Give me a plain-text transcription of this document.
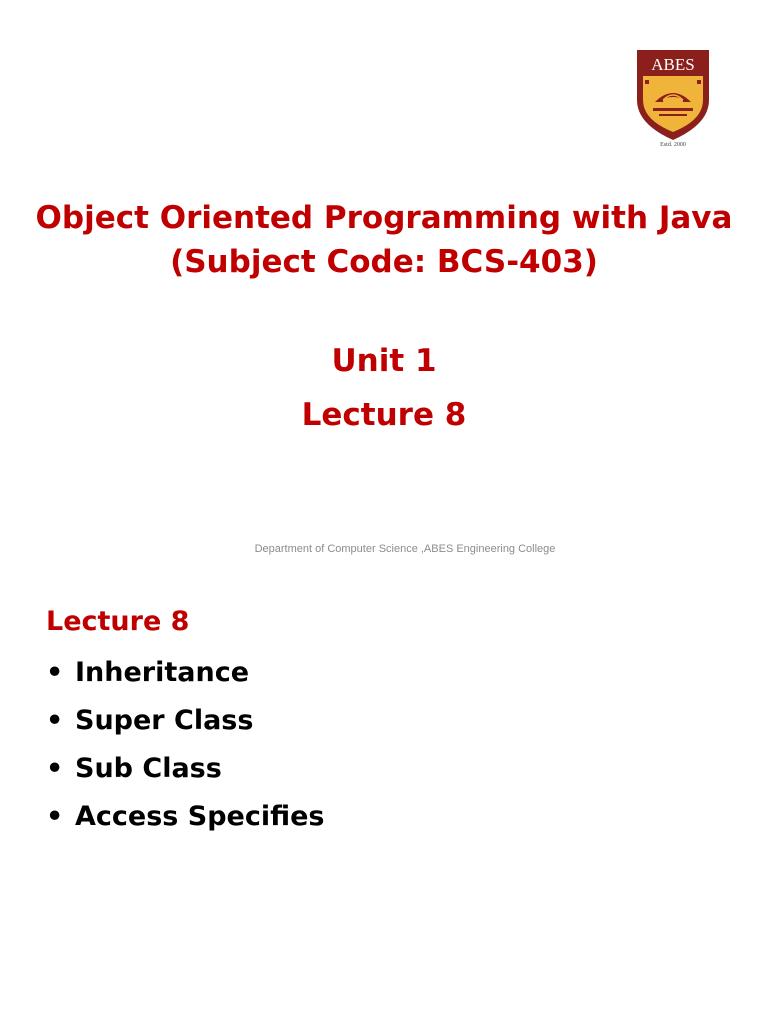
ABES
Estd. 2000
Object Oriented Programming with Java
(Subject Code: BCS-403)
Unit 1
Lecture 8
Department of Computer Science ,ABES Engineering College
Lecture 8
• Inheritance
• Super Class
• Sub Class
• Access Specifies
